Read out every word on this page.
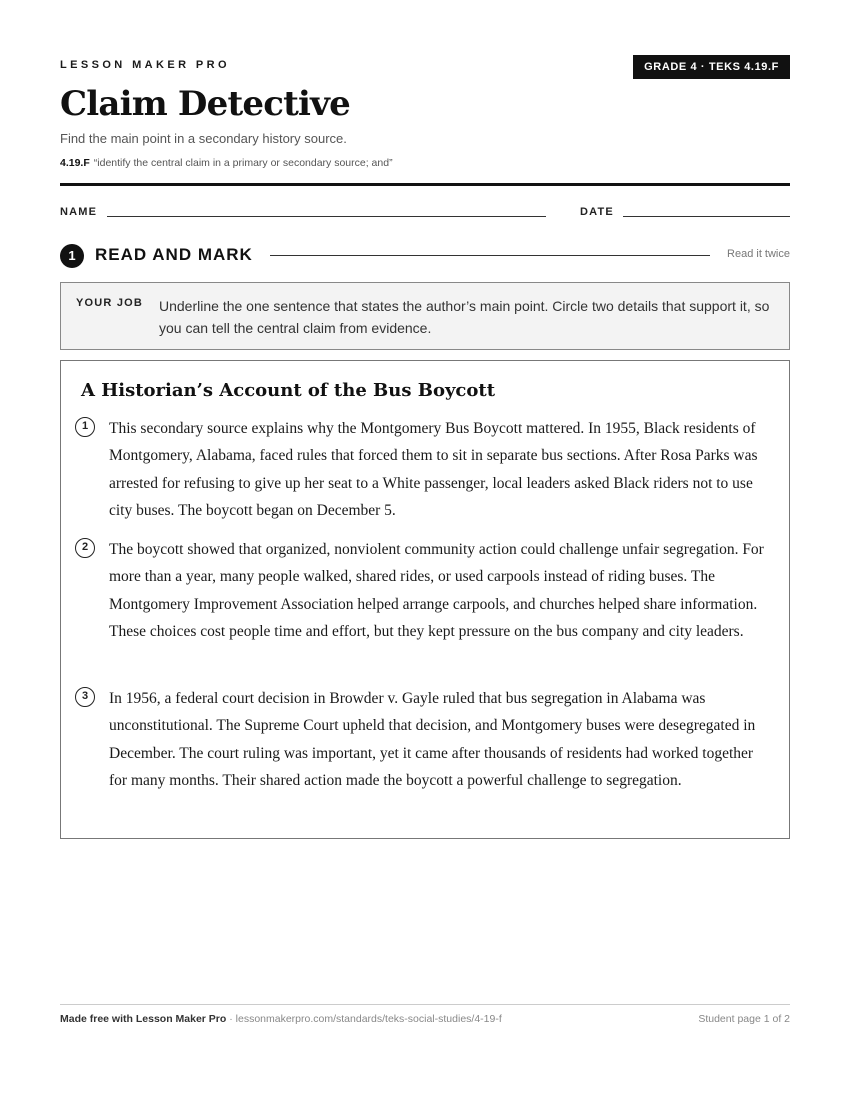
LESSON MAKER PRO	GRADE 4 · TEKS 4.19.F
Claim Detective
Find the main point in a secondary history source.
4.19.F “identify the central claim in a primary or secondary source; and”
NAME	DATE
1	READ AND MARK	Read it twice
YOUR JOB Underline the one sentence that states the author’s main point. Circle two details that support it, so you can tell the central claim from evidence.
A Historian’s Account of the Bus Boycott
1	This secondary source explains why the Montgomery Bus Boycott mattered. In 1955, Black residents of Montgomery, Alabama, faced rules that forced them to sit in separate bus sections. After Rosa Parks was arrested for refusing to give up her seat to a White passenger, local leaders asked Black riders not to use city buses. The boycott began on December 5.

2	The boycott showed that organized, nonviolent community action could challenge unfair segregation. For more than a year, many people walked, shared rides, or used carpools instead of riding buses. The Montgomery Improvement Association helped arrange carpools, and churches helped share information. These choices cost people time and effort, but they kept pressure on the bus company and city leaders.

3	In 1956, a federal court decision in Browder v. Gayle ruled that bus segregation in Alabama was unconstitutional. The Supreme Court upheld that decision, and Montgomery buses were desegregated in December. The court ruling was important, yet it came after thousands of residents had worked together for many months. Their shared action made the boycott a powerful challenge to segregation.

Made free with Lesson Maker Pro · lessonmakerpro.com/standards/teks-social-studies/4-19-f	Student page 1 of 2
